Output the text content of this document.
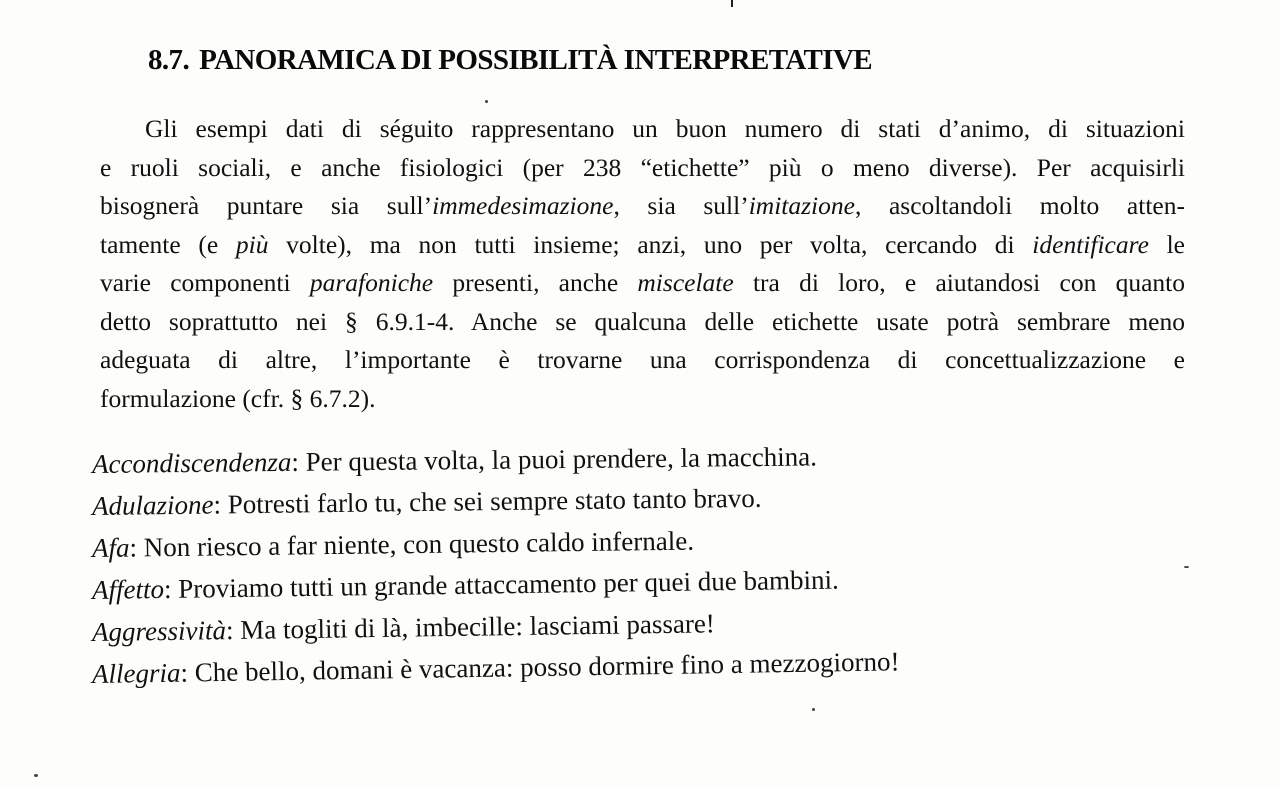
8.7. PANORAMICA DI POSSIBILITÀ INTERPRETATIVE
Gli esempi dati di séguito rappresentano un buon numero di stati d’animo, di situazioni
e ruoli sociali, e anche fisiologici (per 238 “etichette” più o meno diverse). Per acquisirli
bisognerà puntare sia sull’immedesimazione, sia sull’imitazione, ascoltandoli molto atten-
tamente (e più volte), ma non tutti insieme; anzi, uno per volta, cercando di identificare le
varie componenti parafoniche presenti, anche miscelate tra di loro, e aiutandosi con quanto
detto soprattutto nei § 6.9.1-4. Anche se qualcuna delle etichette usate potrà sembrare meno
adeguata di altre, l’importante è trovarne una corrispondenza di concettualizzazione e
formulazione (cfr. § 6.7.2).
Accondiscendenza: Per questa volta, la puoi prendere, la macchina.
Adulazione: Potresti farlo tu, che sei sempre stato tanto bravo.
Afa: Non riesco a far niente, con questo caldo infernale.
Affetto: Proviamo tutti un grande attaccamento per quei due bambini.
Aggressività: Ma togliti di là, imbecille: lasciami passare!
Allegria: Che bello, domani è vacanza: posso dormire fino a mezzogiorno!
